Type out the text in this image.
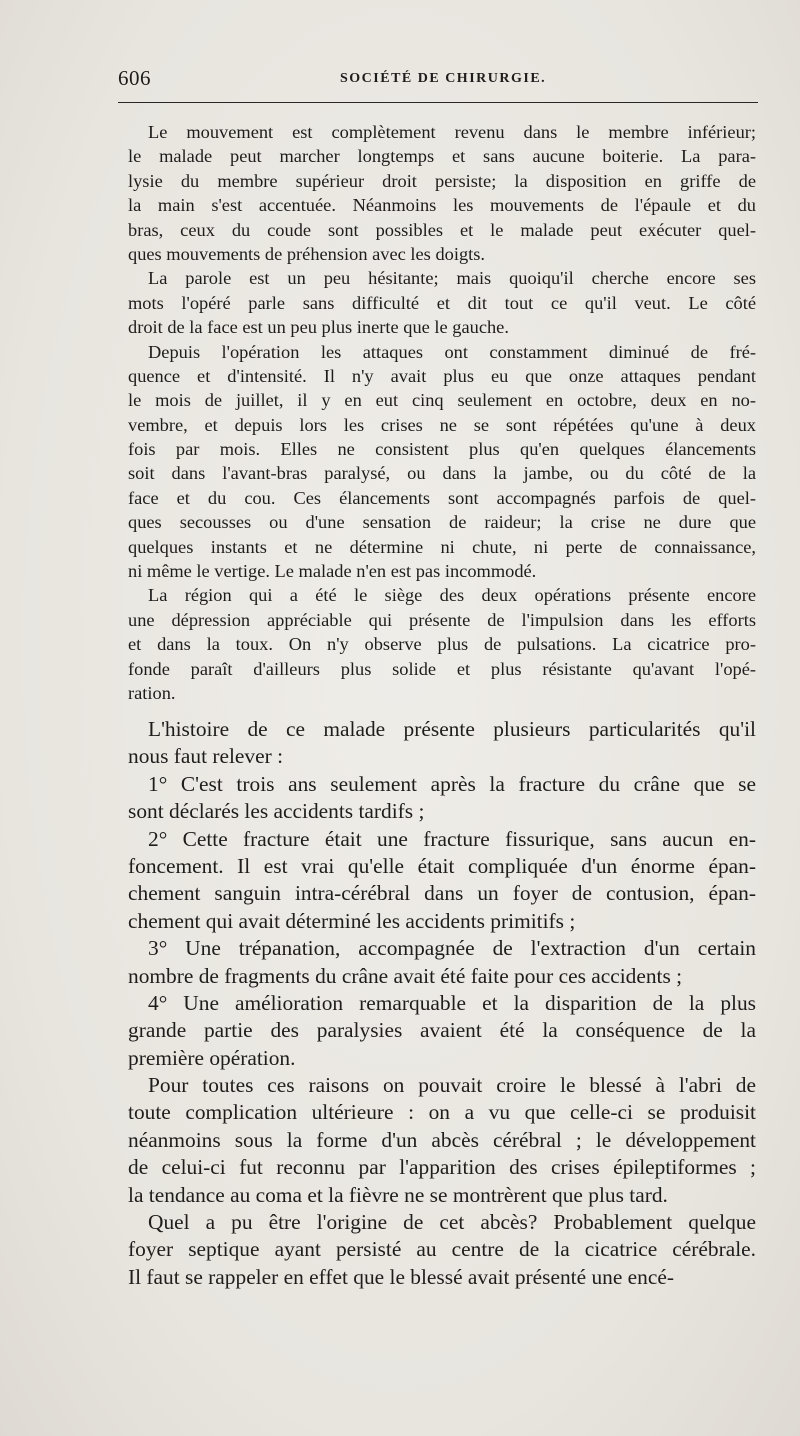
606	SOCIÉTÉ DE CHIRURGIE.
Le mouvement est complètement revenu dans le membre inférieur;
le malade peut marcher longtemps et sans aucune boiterie. La para-
lysie du membre supérieur droit persiste; la disposition en griffe de
la main s'est accentuée. Néanmoins les mouvements de l'épaule et du
bras, ceux du coude sont possibles et le malade peut exécuter quel-
ques mouvements de préhension avec les doigts.
La parole est un peu hésitante; mais quoiqu'il cherche encore ses
mots l'opéré parle sans difficulté et dit tout ce qu'il veut. Le côté
droit de la face est un peu plus inerte que le gauche.
Depuis l'opération les attaques ont constamment diminué de fré-
quence et d'intensité. Il n'y avait plus eu que onze attaques pendant
le mois de juillet, il y en eut cinq seulement en octobre, deux en no-
vembre, et depuis lors les crises ne se sont répétées qu'une à deux
fois par mois. Elles ne consistent plus qu'en quelques élancements
soit dans l'avant-bras paralysé, ou dans la jambe, ou du côté de la
face et du cou. Ces élancements sont accompagnés parfois de quel-
ques secousses ou d'une sensation de raideur; la crise ne dure que
quelques instants et ne détermine ni chute, ni perte de connaissance,
ni même le vertige. Le malade n'en est pas incommodé.
La région qui a été le siège des deux opérations présente encore
une dépression appréciable qui présente de l'impulsion dans les efforts
et dans la toux. On n'y observe plus de pulsations. La cicatrice pro-
fonde paraît d'ailleurs plus solide et plus résistante qu'avant l'opé-
ration.
L'histoire de ce malade présente plusieurs particularités qu'il
nous faut relever :
1° C'est trois ans seulement après la fracture du crâne que se
sont déclarés les accidents tardifs ;
2° Cette fracture était une fracture fissurique, sans aucun en-
foncement. Il est vrai qu'elle était compliquée d'un énorme épan-
chement sanguin intra-cérébral dans un foyer de contusion, épan-
chement qui avait déterminé les accidents primitifs ;
3° Une trépanation, accompagnée de l'extraction d'un certain
nombre de fragments du crâne avait été faite pour ces accidents ;
4° Une amélioration remarquable et la disparition de la plus
grande partie des paralysies avaient été la conséquence de la
première opération.
Pour toutes ces raisons on pouvait croire le blessé à l'abri de
toute complication ultérieure : on a vu que celle-ci se produisit
néanmoins sous la forme d'un abcès cérébral ; le développement
de celui-ci fut reconnu par l'apparition des crises épileptiformes ;
la tendance au coma et la fièvre ne se montrèrent que plus tard.
Quel a pu être l'origine de cet abcès? Probablement quelque
foyer septique ayant persisté au centre de la cicatrice cérébrale.
Il faut se rappeler en effet que le blessé avait présenté une encé-
